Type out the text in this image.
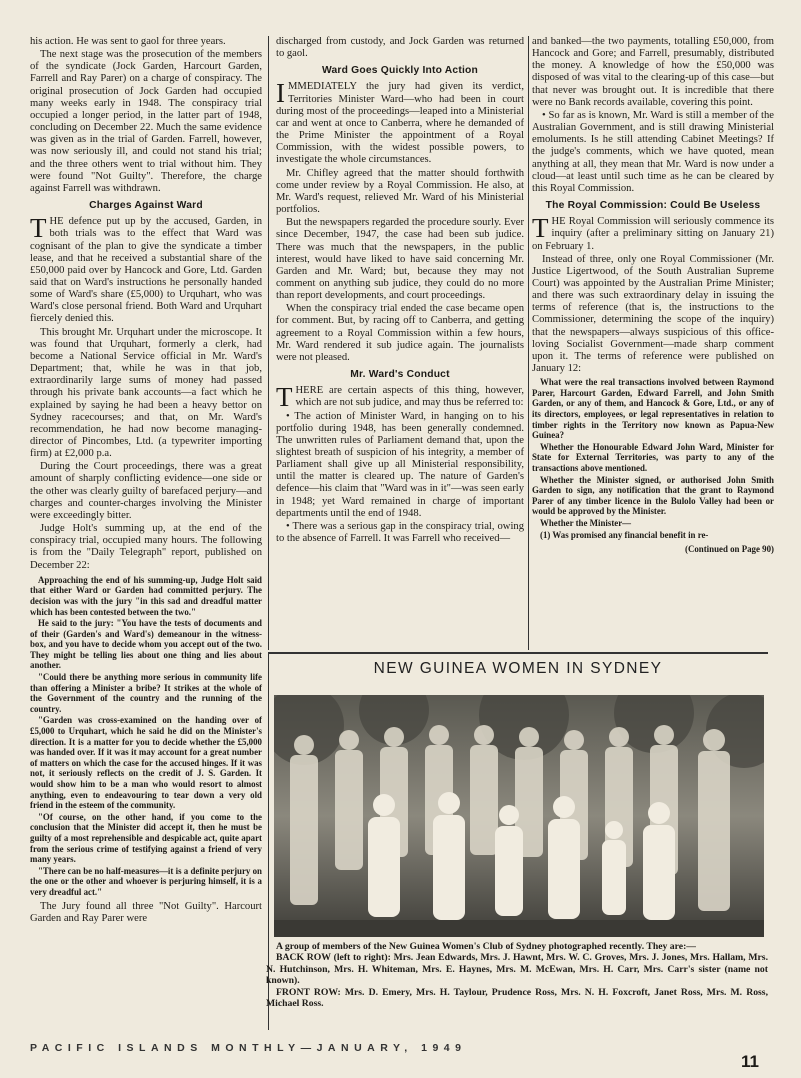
his action. He was sent to gaol for three years.

The next stage was the prosecution of the members of the syndicate (Jock Garden, Harcourt Garden, Farrell and Ray Parer) on a charge of conspiracy. The original prosecution of Jock Garden had occupied many weeks early in 1948. The conspiracy trial occupied a longer period, in the latter part of 1948, concluding on December 22. Much the same evidence was given as in the trial of Garden. Farrell, however, was now seriously ill, and could not stand his trial; and the three others went to trial without him. They were found "Not Guilty". Therefore, the charge against Farrell was withdrawn.

Charges Against Ward

THE defence put up by the accused, Garden, in both trials was to the effect that Ward was cognisant of the plan to give the syndicate a timber lease, and that he received a substantial share of the £50,000 paid over by Hancock and Gore, Ltd. Garden said that on Ward's instructions he personally handed some of Ward's share (£5,000) to Urquhart, who was Ward's close personal friend. Both Ward and Urquhart fiercely denied this.

This brought Mr. Urquhart under the microscope. It was found that Urquhart, formerly a clerk, had become a National Service official in Mr. Ward's Department; that, while he was in that job, extraordinarily large sums of money had passed through his private bank accounts—a fact which he explained by saying he had been a heavy bettor on Sydney racecourses; and that, on Mr. Ward's recommendation, he had now become managing-director of Pincombes, Ltd. (a typewriter importing firm) at £2,000 p.a.

During the Court proceedings, there was a great amount of sharply conflicting evidence—one side or the other was clearly guilty of barefaced perjury—and charges and counter-charges involving the Minister were exceedingly bitter.

Judge Holt's summing up, at the end of the conspiracy trial, occupied many hours. The following is from the "Daily Telegraph" report, published on December 22:

Approaching the end of his summing-up, Judge Holt said that either Ward or Garden had committed perjury. The decision was with the jury "in this sad and dreadful matter which has been contested between the two."

He said to the jury: "You have the tests of documents and of their (Garden's and Ward's) demeanour in the witness-box, and you have to decide whom you accept out of the two. They might be telling lies about one thing and lies about another.

"Could there be anything more serious in community life than offering a Minister a bribe? It strikes at the whole of the Government of the country and the running of the country.

"Garden was cross-examined on the handing over of £5,000 to Urquhart, which he said he did on the Minister's direction. It is a matter for you to decide whether the £5,000 was handed over. If it was it may account for a great number of matters on which the case for the accused hinges. If it was not, it seriously reflects on the credit of J. S. Garden. It would show him to be a man who would resort to almost anything, even to endeavouring to tear down a very old friend in the esteem of the community.

"Of course, on the other hand, if you come to the conclusion that the Minister did accept it, then he must be guilty of a most reprehensible and despicable act, quite apart from the serious crime of testifying against a friend of very many years.

"There can be no half-measures—it is a definite perjury on the one or the other and whoever is perjuring himself, it is a very dreadful act."

The Jury found all three "Not Guilty". Harcourt Garden and Ray Parer were

discharged from custody, and Jock Garden was returned to gaol.

Ward Goes Quickly Into Action

IMMEDIATELY the jury had given its verdict, Territories Minister Ward—who had been in court during most of the proceedings—leaped into a Ministerial car and went at once to Canberra, where he demanded of the Prime Minister the appointment of a Royal Commission, with the widest possible powers, to investigate the whole circumstances.

Mr. Chifley agreed that the matter should forthwith come under review by a Royal Commission. He also, at Mr. Ward's request, relieved Mr. Ward of his Ministerial portfolios.

But the newspapers regarded the procedure sourly. Ever since December, 1947, the case had been sub judice. There was much that the newspapers, in the public interest, would have liked to have said concerning Mr. Garden and Mr. Ward; but, because they may not comment on anything sub judice, they could do no more than report developments, and court proceedings.

When the conspiracy trial ended the case became open for comment. But, by racing off to Canberra, and getting agreement to a Royal Commission within a few hours, Mr. Ward rendered it sub judice again. The journalists were not pleased.

Mr. Ward's Conduct

THERE are certain aspects of this thing, however, which are not sub judice, and may thus be referred to:

• The action of Minister Ward, in hanging on to his portfolio during 1948, has been generally condemned. The unwritten rules of Parliament demand that, upon the slightest breath of suspicion of his integrity, a member of Parliament shall give up all Ministerial responsibility, until the matter is cleared up. The nature of Garden's defence—his claim that "Ward was in it"—was seen early in 1948; yet Ward remained in charge of important departments until the end of 1948.

• There was a serious gap in the conspiracy trial, owing to the absence of Farrell. It was Farrell who received—

and banked—the two payments, totalling £50,000, from Hancock and Gore; and Farrell, presumably, distributed the money. A knowledge of how the £50,000 was disposed of was vital to the clearing-up of this case—but that never was brought out. It is incredible that there were no Bank records available, covering this point.

• So far as is known, Mr. Ward is still a member of the Australian Government, and is still drawing Ministerial emoluments. Is he still attending Cabinet Meetings? If the judge's comments, which we have quoted, mean anything at all, they mean that Mr. Ward is now under a cloud—at least until such time as he can be cleared by this Royal Commission.

The Royal Commission: Could Be Useless

THE Royal Commission will seriously commence its inquiry (after a preliminary sitting on January 21) on February 1.

Instead of three, only one Royal Commissioner (Mr. Justice Ligertwood, of the South Australian Supreme Court) was appointed by the Australian Prime Minister; and there was such extraordinary delay in issuing the terms of reference (that is, the instructions to the Commissioner, determining the scope of the inquiry) that the newspapers—always suspicious of this office-loving Socialist Government—made sharp comment upon it. The terms of reference were published on January 12:

What were the real transactions involved between Raymond Parer, Harcourt Garden, Edward Farrell, and John Smith Garden, or any of them, and Hancock & Gore, Ltd., or any of its directors, employees, or legal representatives in relation to timber rights in the Territory now known as Papua-New Guinea?

Whether the Honourable Edward John Ward, Minister for State for External Territories, was party to any of the transactions above mentioned.

Whether the Minister signed, or authorised John Smith Garden to sign, any notification that the grant to Raymond Parer of any timber licence in the Bulolo Valley had been or would be approved by the Minister.

Whether the Minister—

(1) Was promised any financial benefit in re-

(Continued on Page 90)

NEW GUINEA WOMEN IN SYDNEY

A group of members of the New Guinea Women's Club of Sydney photographed recently. They are:—

BACK ROW (left to right): Mrs. Jean Edwards, Mrs. J. Hawnt, Mrs. W. C. Groves, Mrs. J. Jones, Mrs. Hallam, Mrs. N. Hutchinson, Mrs. H. Whiteman, Mrs. E. Haynes, Mrs. M. McEwan, Mrs. H. Carr, Mrs. Carr's sister (name not known).

FRONT ROW: Mrs. D. Emery, Mrs. H. Taylour, Prudence Ross, Mrs. N. H. Foxcroft, Janet Ross, Mrs. M. Ross, Michael Ross.

PACIFIC ISLANDS MONTHLY—JANUARY, 1949
11
